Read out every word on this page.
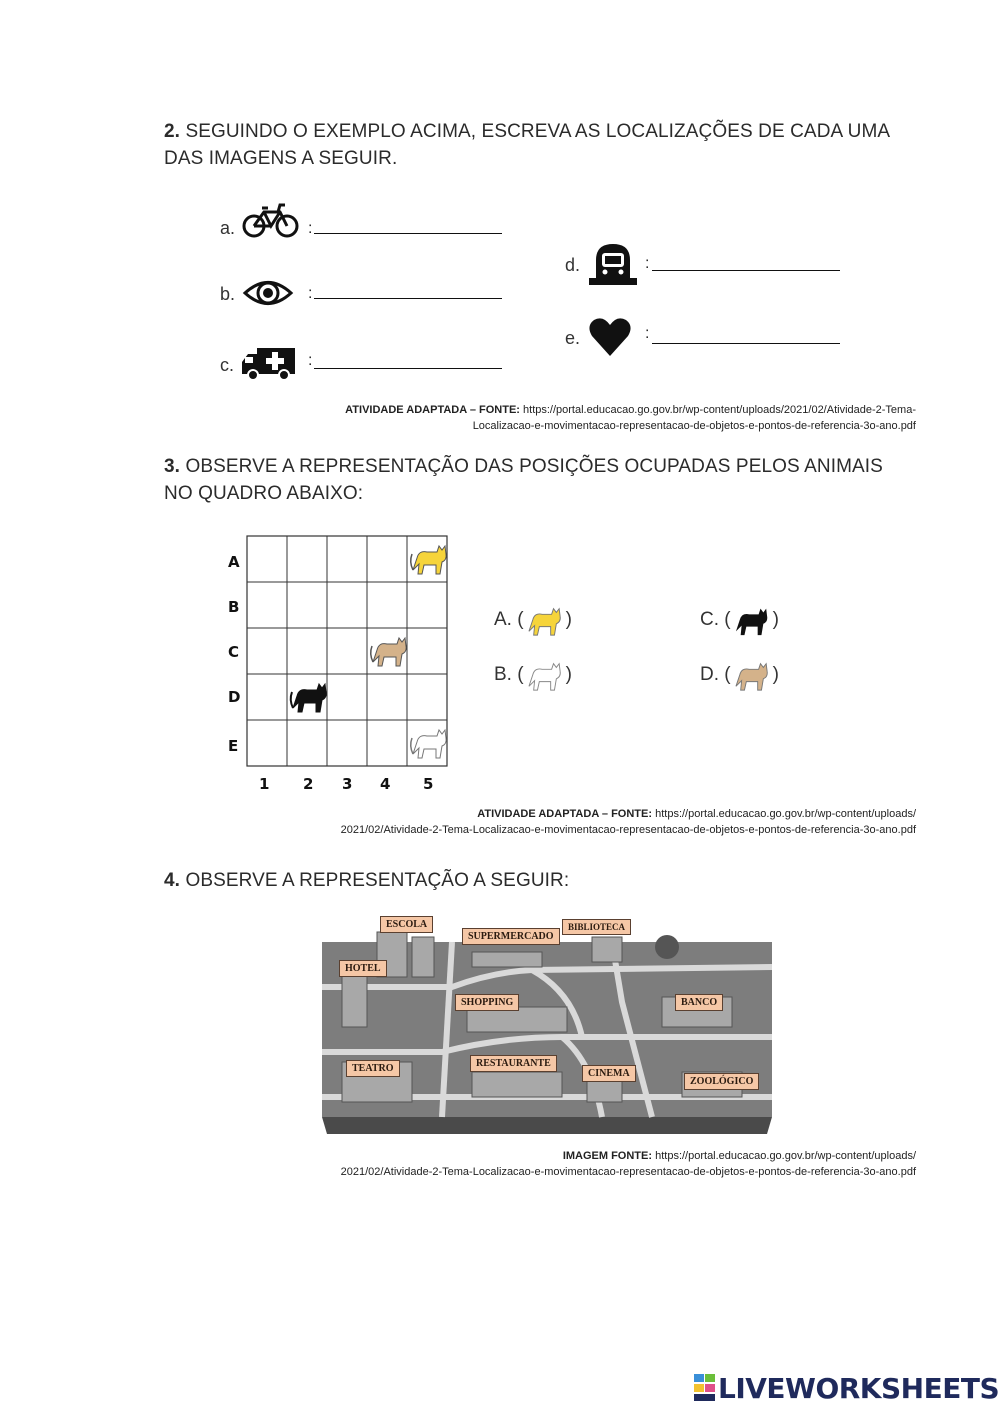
2. SEGUINDO O EXEMPLO ACIMA, ESCREVA AS LOCALIZAÇÕES DE CADA UMA
DAS IMAGENS A SEGUIR.
a.	:
b.	:
c.	:
d.	:
e.	:
ATIVIDADE ADAPTADA – FONTE: https://portal.educacao.go.gov.br/wp-content/uploads/2021/02/Atividade-2-Tema-
Localizacao-e-movimentacao-representacao-de-objetos-e-pontos-de-referencia-3o-ano.pdf
3. OBSERVE A REPRESENTAÇÃO DAS POSIÇÕES OCUPADAS PELOS ANIMAIS
NO QUADRO ABAIXO:
A
B
C
D
E
1 2 3 4 5
A. ( )	C. ( )
B. ( )	D. ( )
ATIVIDADE ADAPTADA – FONTE: https://portal.educacao.go.gov.br/wp-content/uploads/
2021/02/Atividade-2-Tema-Localizacao-e-movimentacao-representacao-de-objetos-e-pontos-de-referencia-3o-ano.pdf
4. OBSERVE A REPRESENTAÇÃO A SEGUIR:
ESCOLA
SUPERMERCADO
BIBLIOTECA
HOTEL
SHOPPING	BANCO
TEATRO	RESTAURANTE
CINEMA
ZOOLÓGICO
IMAGEM FONTE: https://portal.educacao.go.gov.br/wp-content/uploads/
2021/02/Atividade-2-Tema-Localizacao-e-movimentacao-representacao-de-objetos-e-pontos-de-referencia-3o-ano.pdf
LIVEWORKSHEETS
